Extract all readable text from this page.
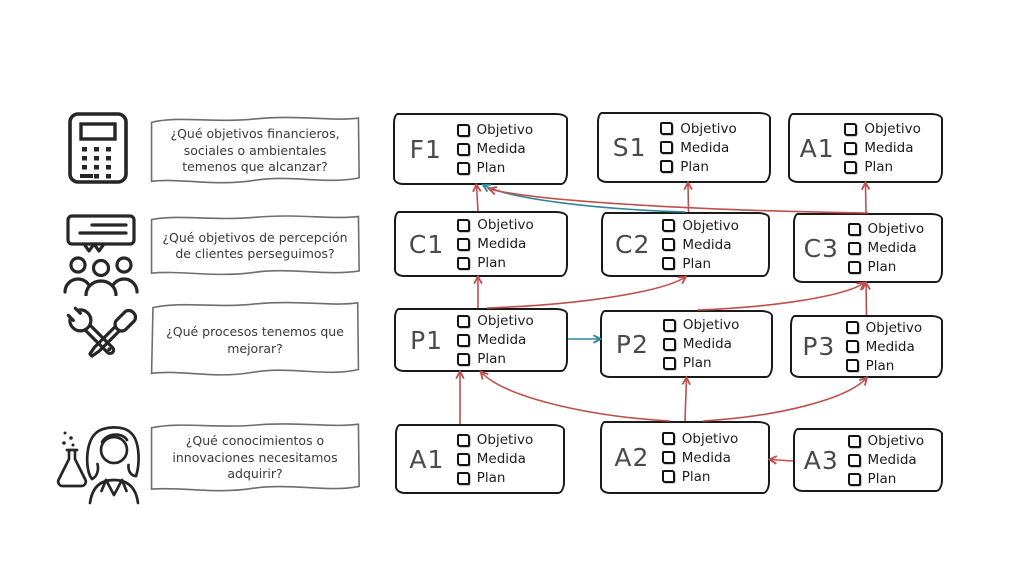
¿Qué objetivos financieros, sociales o ambientales temenos que alcanzar?
¿Qué objetivos de percepción de clientes perseguimos?
¿Qué procesos tenemos que mejorar?
¿Qué conocimientos o innovaciones necesitamos adquirir?
F1
Objetivo
Medida
Plan
S1
Objetivo
Medida
Plan
A1
Objetivo
Medida
Plan
C1
Objetivo
Medida
Plan
C2
Objetivo
Medida
Plan
C3
Objetivo
Medida
Plan
P1
Objetivo
Medida
Plan
P2
Objetivo
Medida
Plan
P3
Objetivo
Medida
Plan
A1
Objetivo
Medida
Plan
A2
Objetivo
Medida
Plan
A3
Objetivo
Medida
Plan
